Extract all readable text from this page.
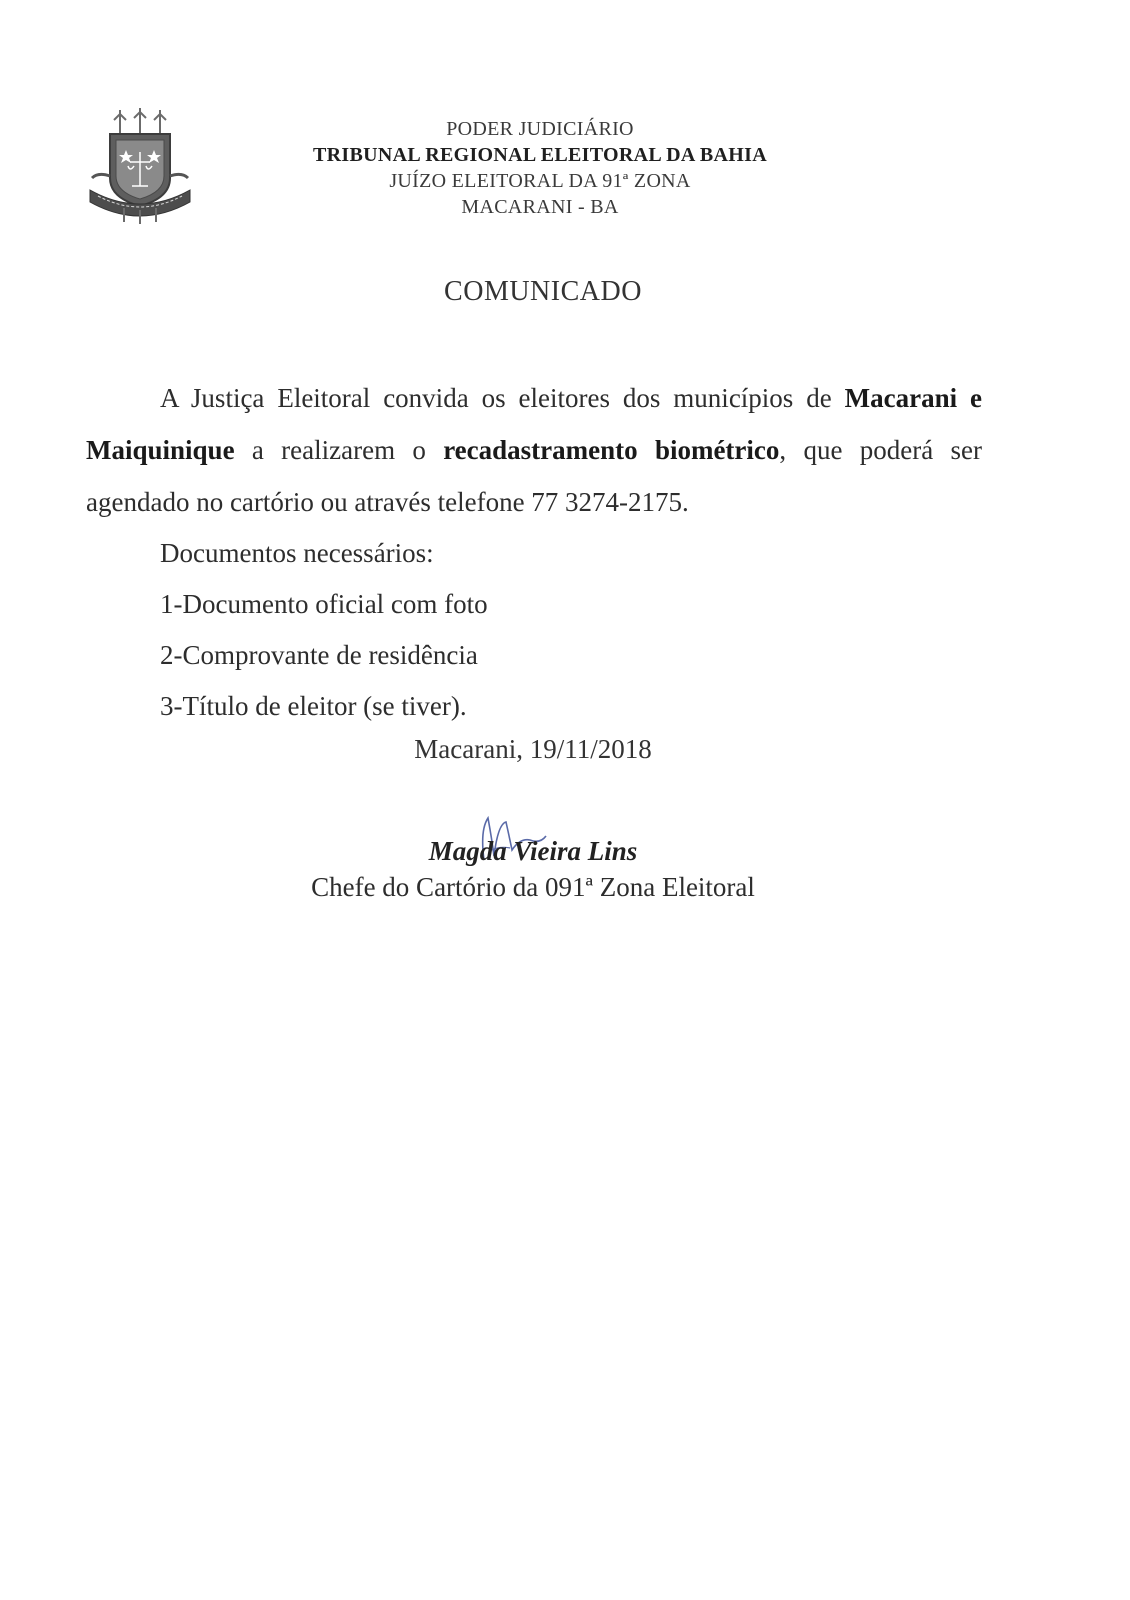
PODER JUDICIÁRIO
TRIBUNAL REGIONAL ELEITORAL DA BAHIA
JUÍZO ELEITORAL DA 91ª ZONA
MACARANI - BA
COMUNICADO

A Justiça Eleitoral convida os eleitores dos municípios de Macarani e Maiquinique a realizarem o recadastramento biométrico, que poderá ser agendado no cartório ou através telefone 77 3274-2175.

Documentos necessários:

1-Documento oficial com foto

2-Comprovante de residência

3-Título de eleitor (se tiver).

Macarani, 19/11/2018
Magda Vieira Lins
Chefe do Cartório da 091ª Zona Eleitoral
